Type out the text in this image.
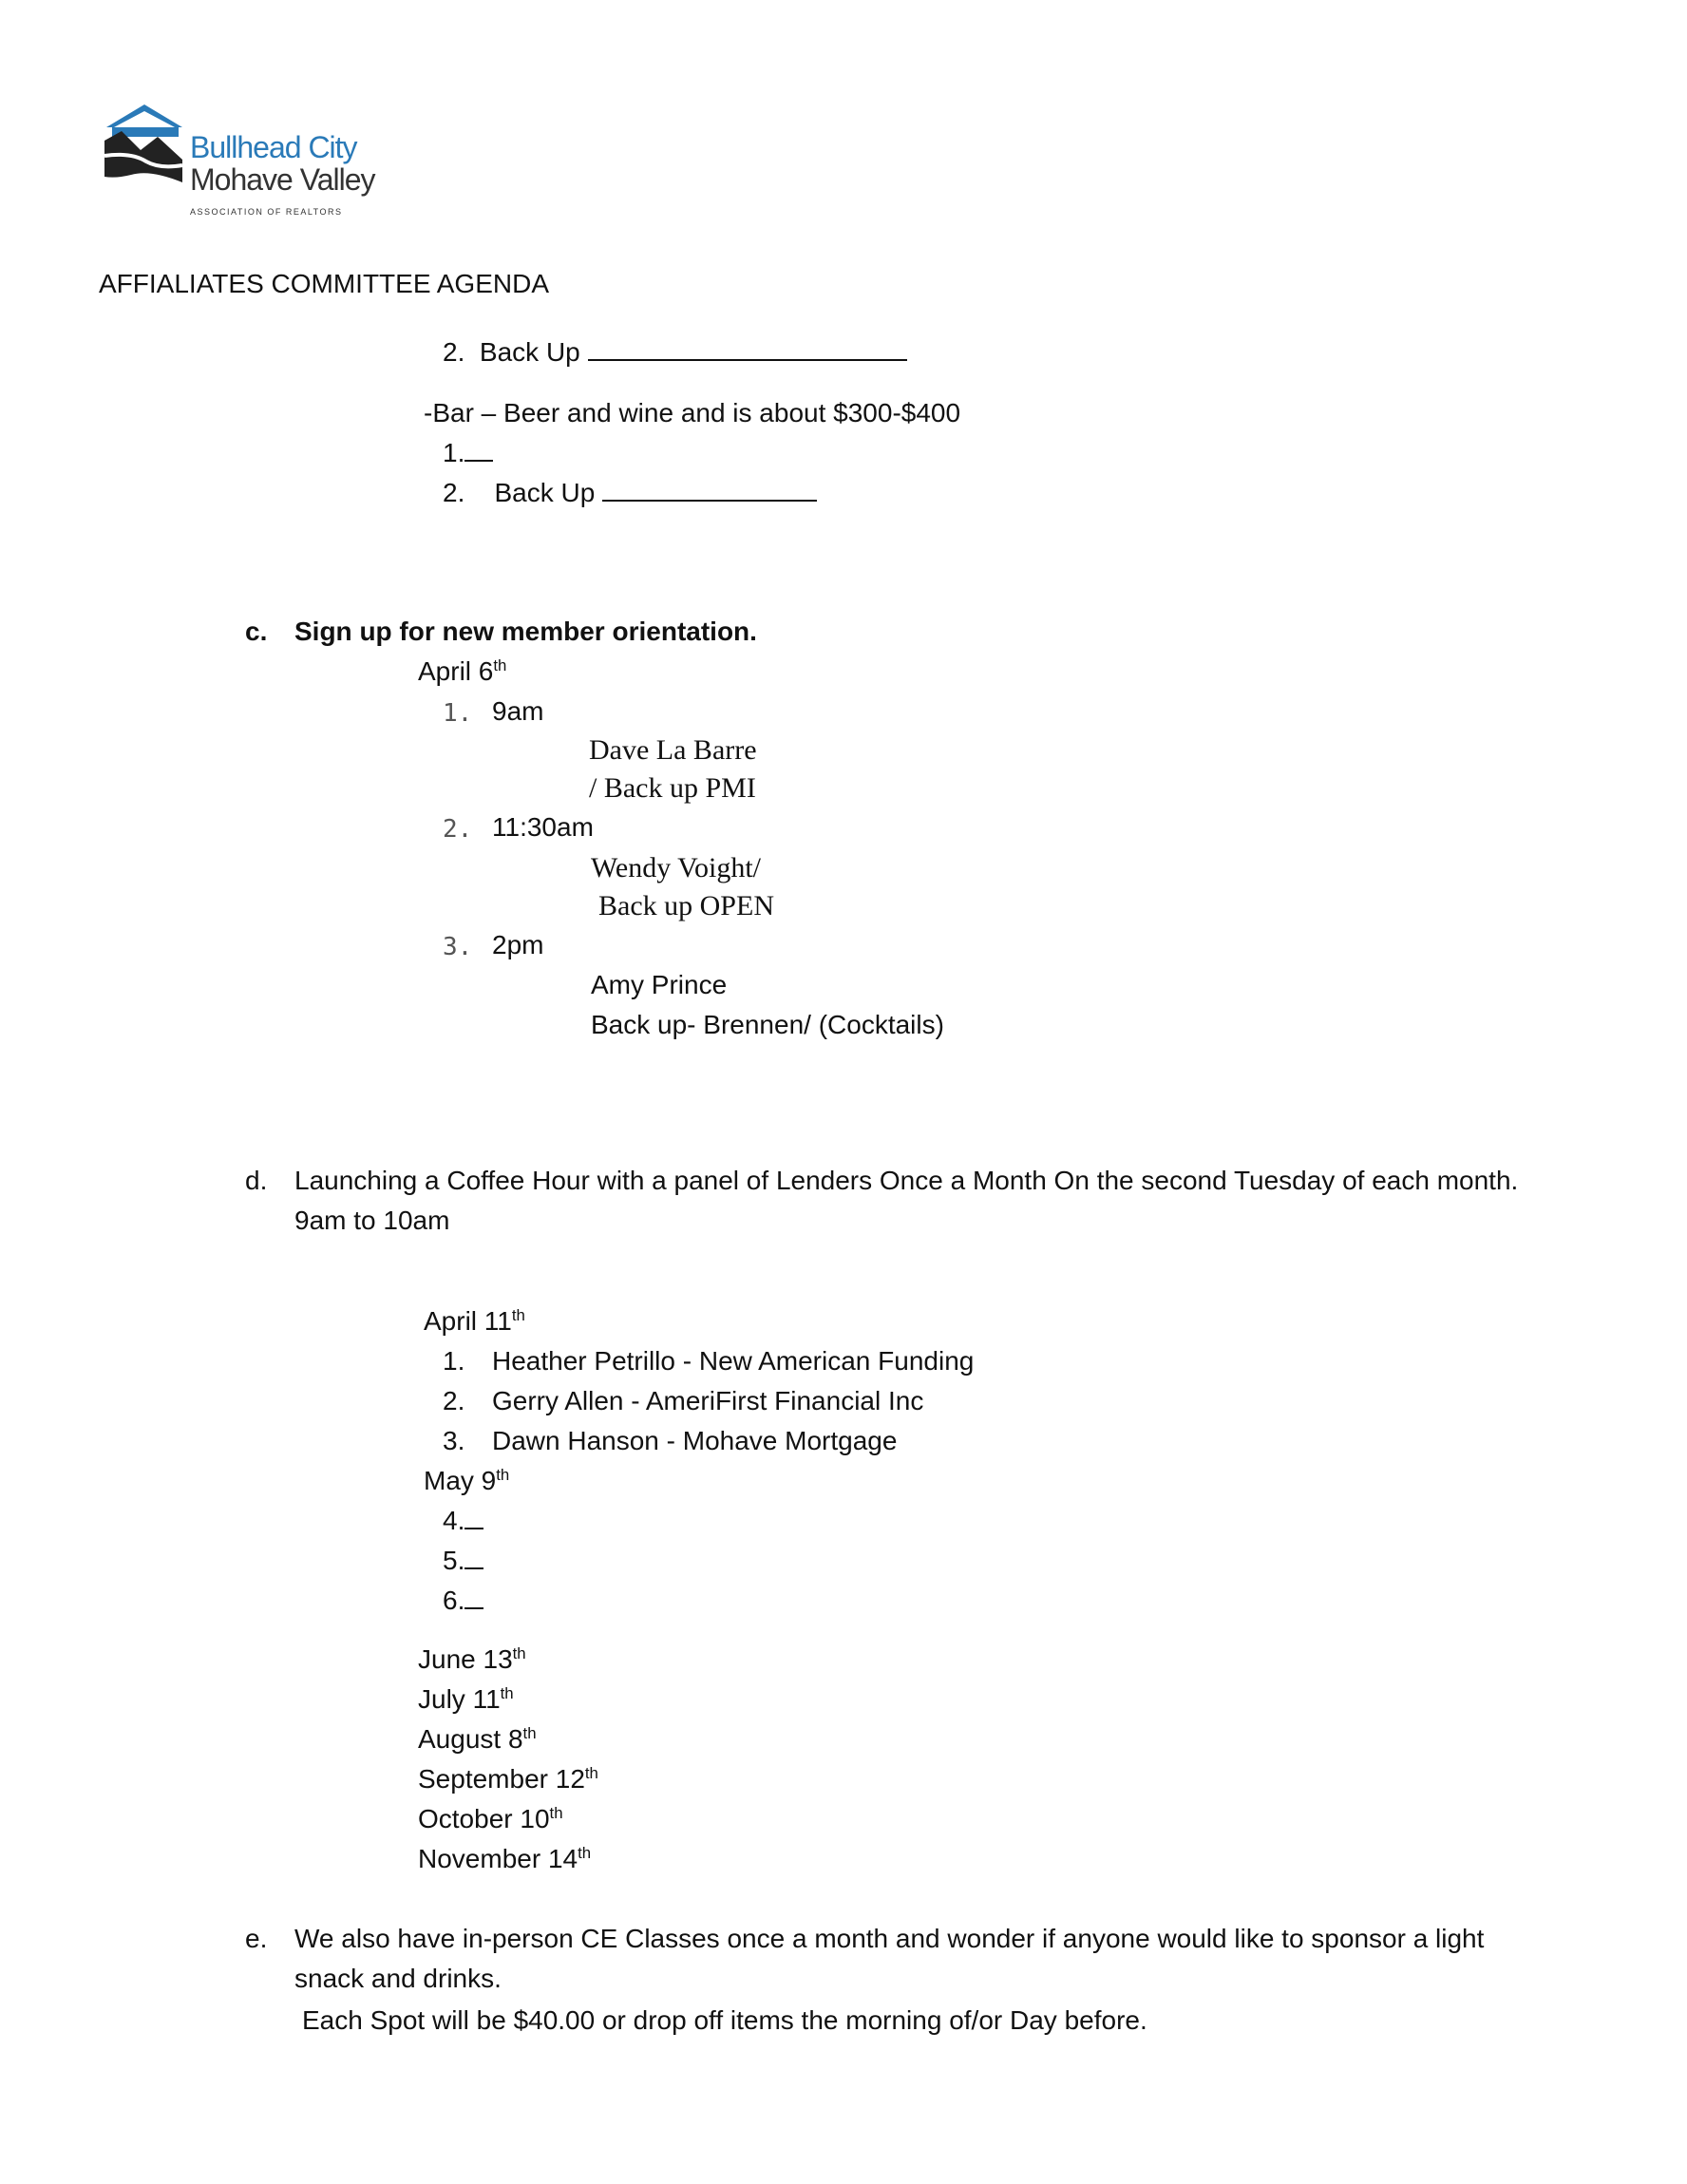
Bullhead City
Mohave Valley
ASSOCIATION OF REALTORS
AFFIALIATES COMMITTEE AGENDA
2. Back Up
-Bar – Beer and wine and is about $300-$400
1.
2. Back Up
c. Sign up for new member orientation.
April 6th
1. 9am
Dave La Barre
/ Back up PMI
2. 11:30am
Wendy Voight/
Back up OPEN
3. 2pm
Amy Prince
Back up- Brennen/ (Cocktails)
d. Launching a Coffee Hour with a panel of Lenders Once a Month On the second Tuesday of each month.
9am to 10am
April 11th
1. Heather Petrillo - New American Funding
2. Gerry Allen - AmeriFirst Financial Inc
3. Dawn Hanson - Mohave Mortgage
May 9th
4.
5.
6.
June 13th
July 11th
August 8th
September 12th
October 10th
November 14th
e. We also have in-person CE Classes once a month and wonder if anyone would like to sponsor a light
snack and drinks.
Each Spot will be $40.00 or drop off items the morning of/or Day before.
